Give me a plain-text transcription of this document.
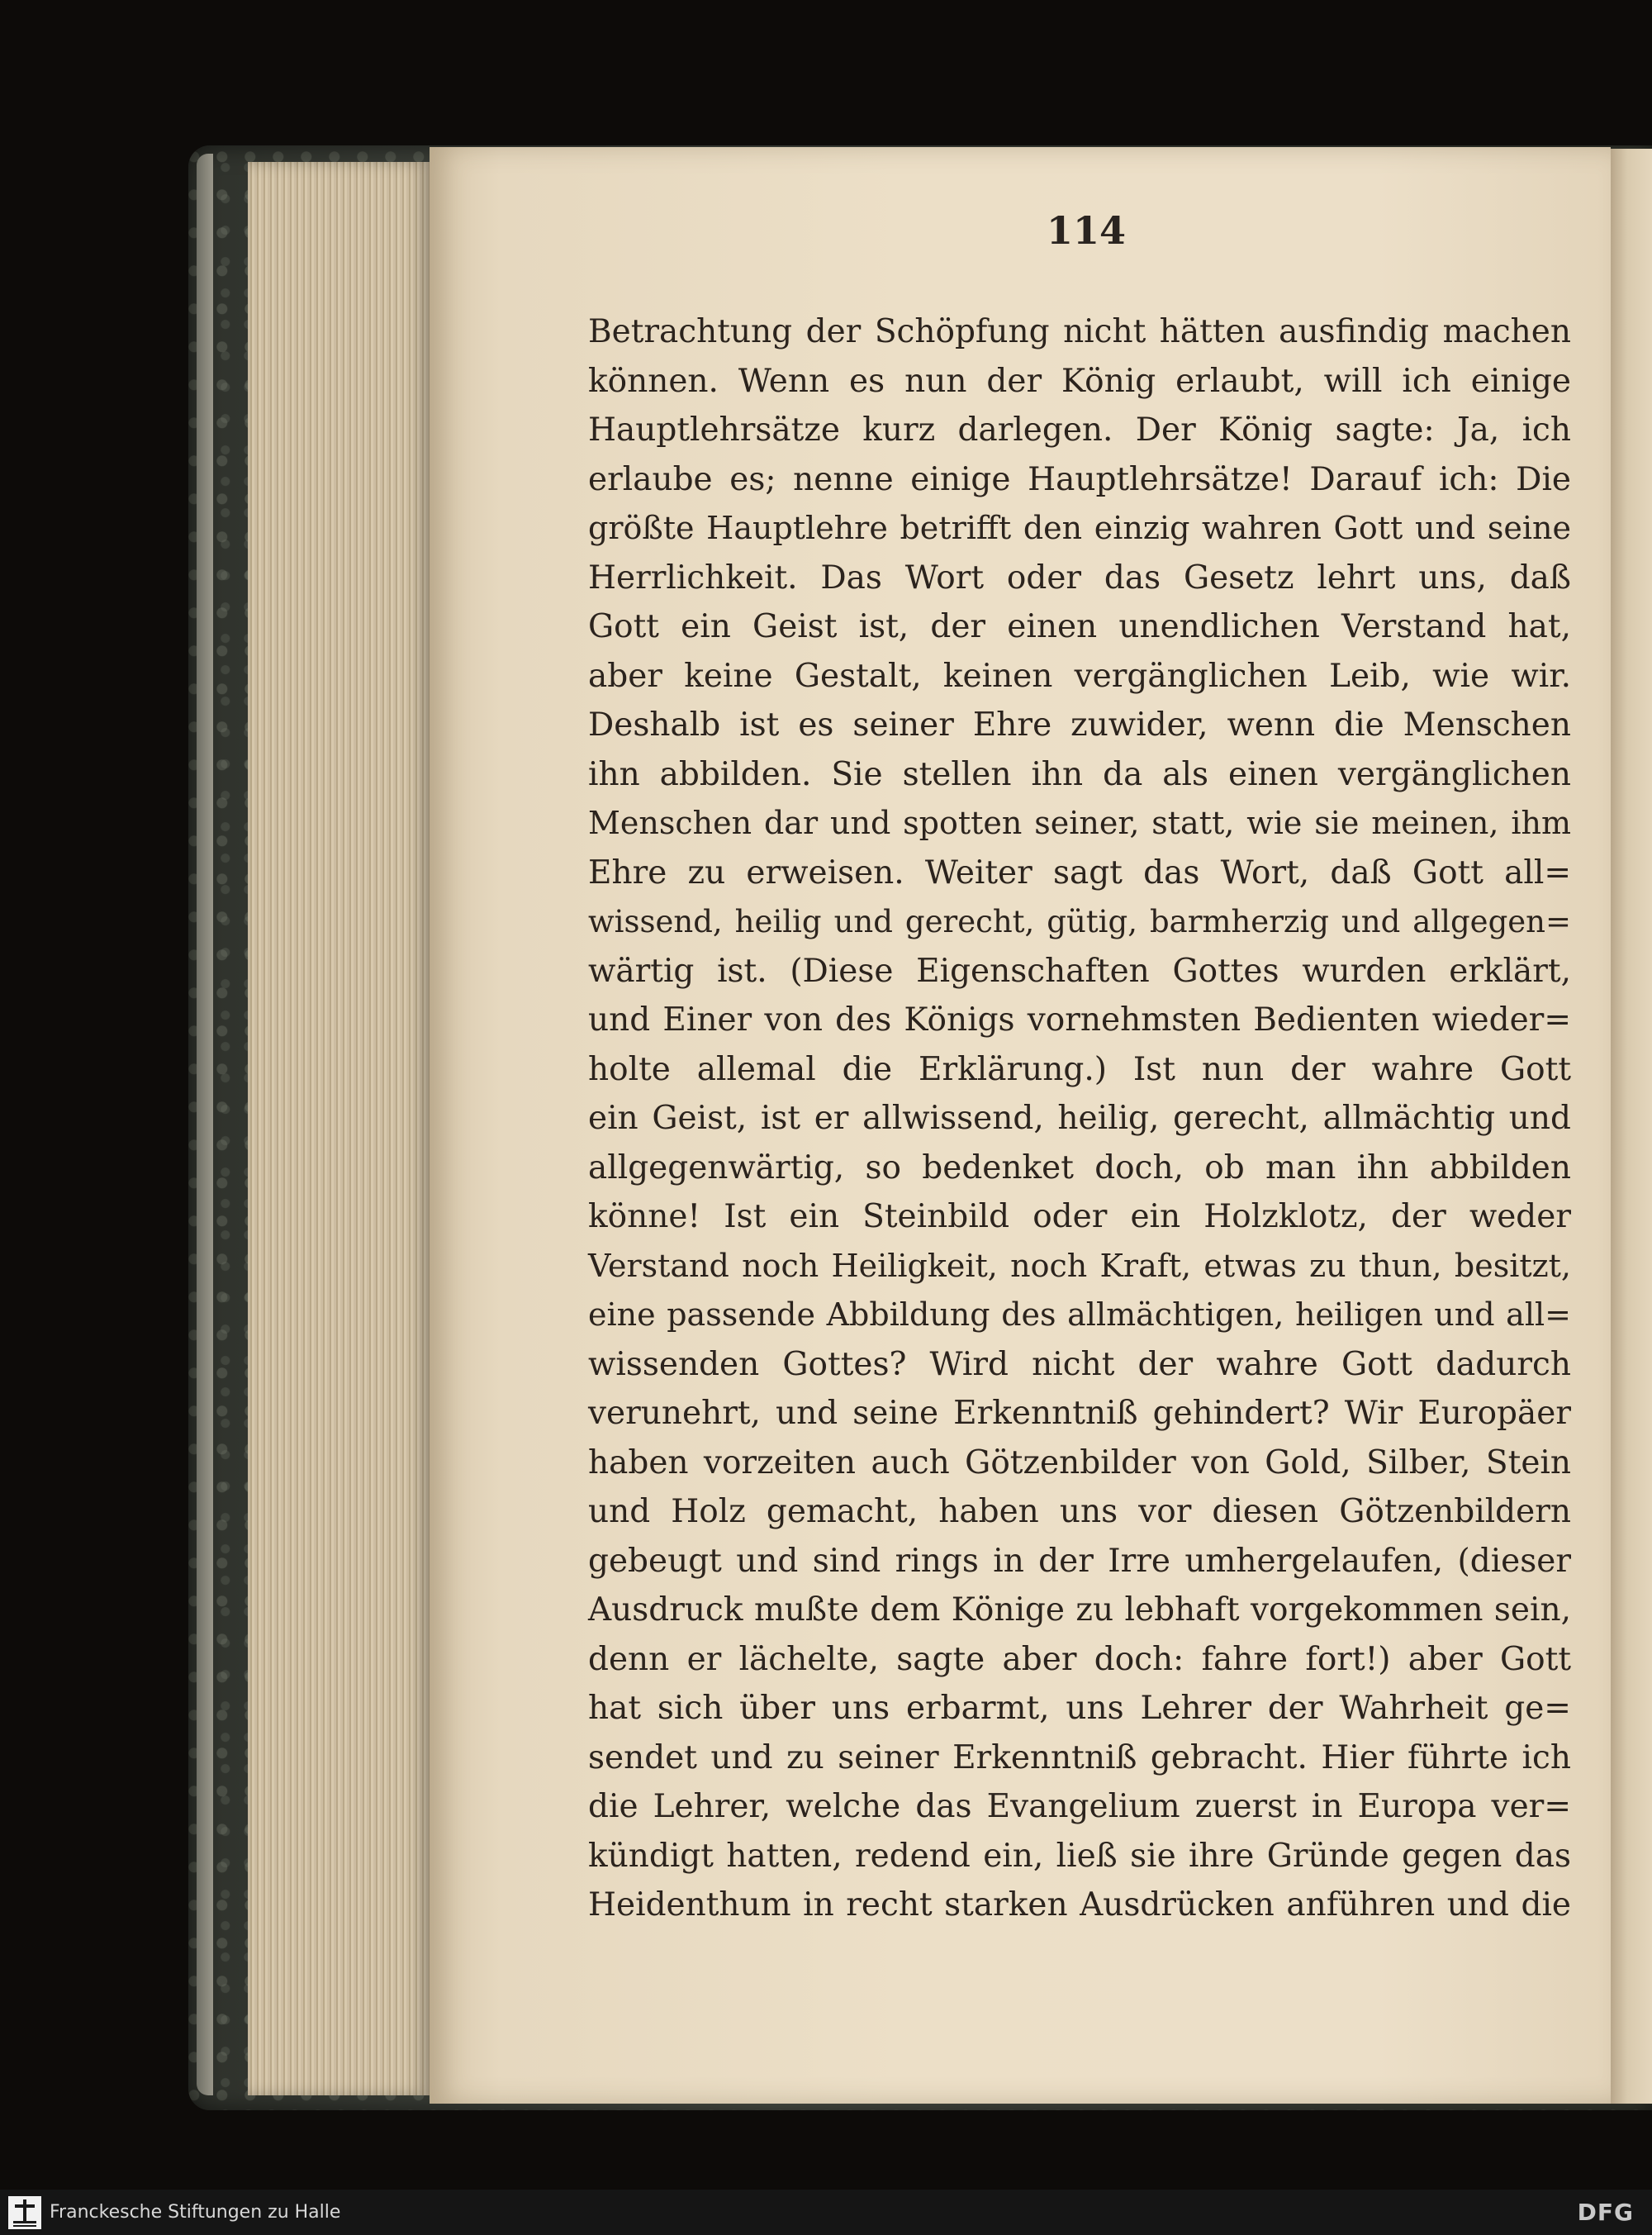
114

Betrachtung der Schöpfung nicht hätten ausfindig machen
können. Wenn es nun der König erlaubt, will ich einige
Hauptlehrsätze kurz darlegen. Der König sagte: Ja, ich
erlaube es; nenne einige Hauptlehrsätze! Darauf ich: Die
größte Hauptlehre betrifft den einzig wahren Gott und seine
Herrlichkeit. Das Wort oder das Gesetz lehrt uns, daß
Gott ein Geist ist, der einen unendlichen Verstand hat,
aber keine Gestalt, keinen vergänglichen Leib, wie wir.
Deshalb ist es seiner Ehre zuwider, wenn die Menschen
ihn abbilden. Sie stellen ihn da als einen vergänglichen
Menschen dar und spotten seiner, statt, wie sie meinen, ihm
Ehre zu erweisen. Weiter sagt das Wort, daß Gott all=
wissend, heilig und gerecht, gütig, barmherzig und allgegen=
wärtig ist. (Diese Eigenschaften Gottes wurden erklärt,
und Einer von des Königs vornehmsten Bedienten wieder=
holte allemal die Erklärung.) Ist nun der wahre Gott
ein Geist, ist er allwissend, heilig, gerecht, allmächtig und
allgegenwärtig, so bedenket doch, ob man ihn abbilden
könne! Ist ein Steinbild oder ein Holzklotz, der weder
Verstand noch Heiligkeit, noch Kraft, etwas zu thun, besitzt,
eine passende Abbildung des allmächtigen, heiligen und all=
wissenden Gottes? Wird nicht der wahre Gott dadurch
verunehrt, und seine Erkenntniß gehindert? Wir Europäer
haben vorzeiten auch Götzenbilder von Gold, Silber, Stein
und Holz gemacht, haben uns vor diesen Götzenbildern
gebeugt und sind rings in der Irre umhergelaufen, (dieser
Ausdruck mußte dem Könige zu lebhaft vorgekommen sein,
denn er lächelte, sagte aber doch: fahre fort!) aber Gott
hat sich über uns erbarmt, uns Lehrer der Wahrheit ge=
sendet und zu seiner Erkenntniß gebracht. Hier führte ich
die Lehrer, welche das Evangelium zuerst in Europa ver=
kündigt hatten, redend ein, ließ sie ihre Gründe gegen das
Heidenthum in recht starken Ausdrücken anführen und die
Franckesche Stiftungen zu Halle	DFG
